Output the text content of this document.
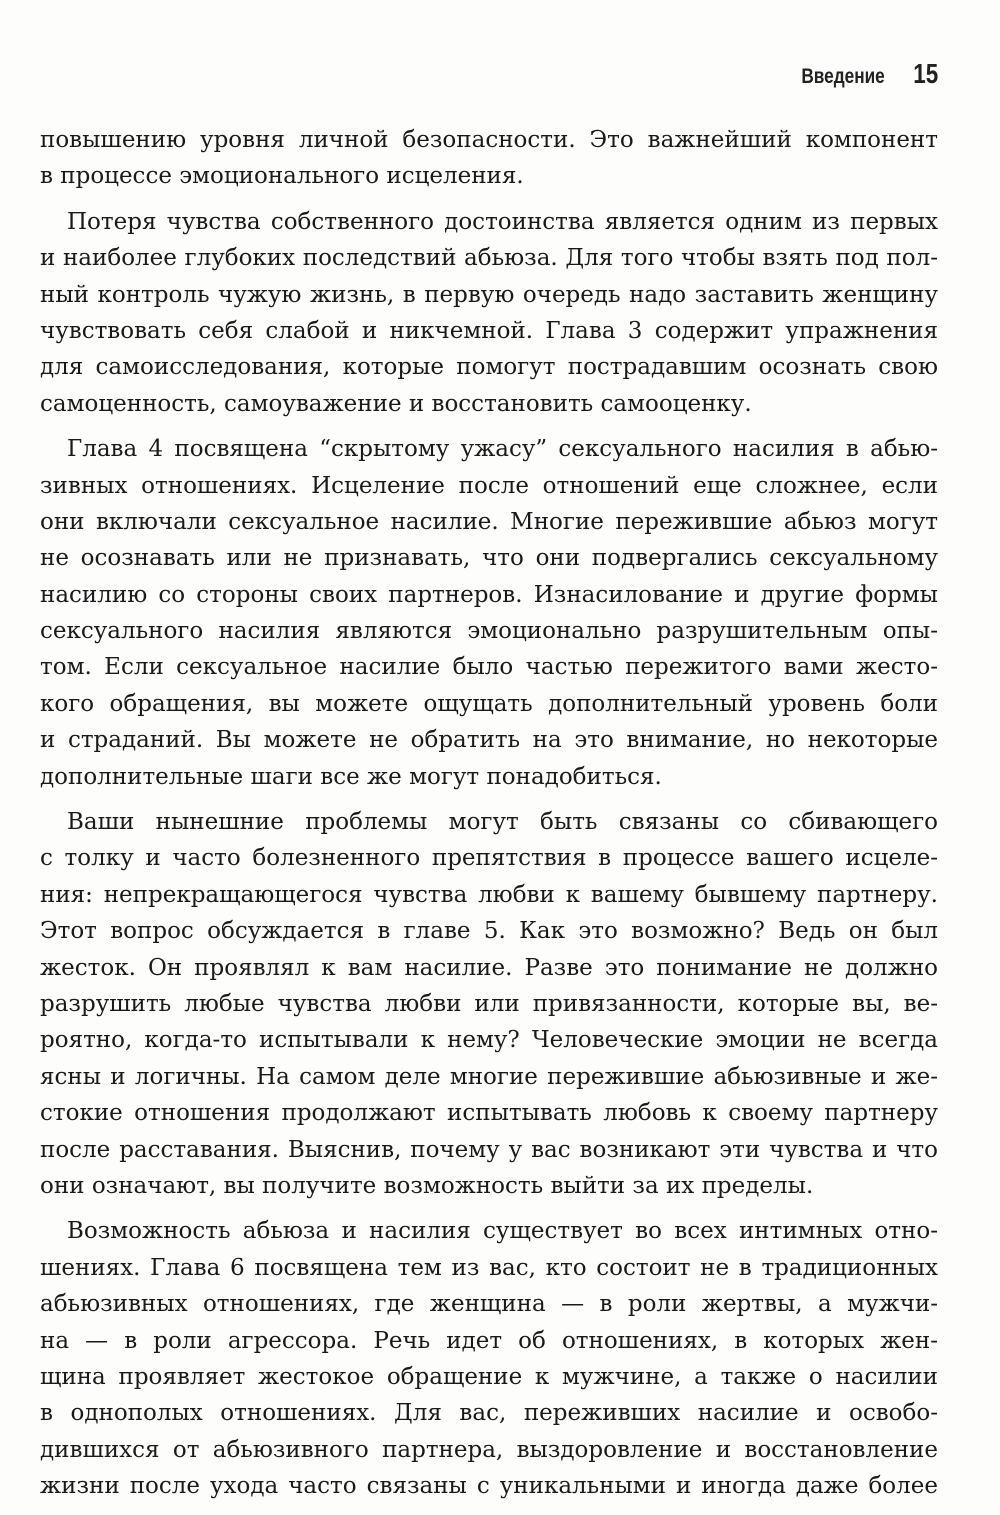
Введение 15
повышению уровня личной безопасности. Это важнейший компонент
в процессе эмоционального исцеления.
Потеря чувства собственного достоинства является одним из первых
и наиболее глубоких последствий абьюза. Для того чтобы взять под пол-
ный контроль чужую жизнь, в первую очередь надо заставить женщину
чувствовать себя слабой и никчемной. Глава 3 содержит упражнения
для самоисследования, которые помогут пострадавшим осознать свою
самоценность, самоуважение и восстановить самооценку.
Глава 4 посвящена “скрытому ужасу” сексуального насилия в абью-
зивных отношениях. Исцеление после отношений еще сложнее, если
они включали сексуальное насилие. Многие пережившие абьюз могут
не осознавать или не признавать, что они подвергались сексуальному
насилию со стороны своих партнеров. Изнасилование и другие формы
сексуального насилия являются эмоционально разрушительным опы-
том. Если сексуальное насилие было частью пережитого вами жесто-
кого обращения, вы можете ощущать дополнительный уровень боли
и страданий. Вы можете не обратить на это внимание, но некоторые
дополнительные шаги все же могут понадобиться.
Ваши нынешние проблемы могут быть связаны со сбивающего
с толку и часто болезненного препятствия в процессе вашего исцеле-
ния: непрекращающегося чувства любви к вашему бывшему партнеру.
Этот вопрос обсуждается в главе 5. Как это возможно? Ведь он был
жесток. Он проявлял к вам насилие. Разве это понимание не должно
разрушить любые чувства любви или привязанности, которые вы, ве-
роятно, когда-то испытывали к нему? Человеческие эмоции не всегда
ясны и логичны. На самом деле многие пережившие абьюзивные и же-
стокие отношения продолжают испытывать любовь к своему партнеру
после расставания. Выяснив, почему у вас возникают эти чувства и что
они означают, вы получите возможность выйти за их пределы.
Возможность абьюза и насилия существует во всех интимных отно-
шениях. Глава 6 посвящена тем из вас, кто состоит не в традиционных
абьюзивных отношениях, где женщина — в роли жертвы, а мужчи-
на — в роли агрессора. Речь идет об отношениях, в которых жен-
щина проявляет жестокое обращение к мужчине, а также о насилии
в однополых отношениях. Для вас, переживших насилие и освобо-
дившихся от абьюзивного партнера, выздоровление и восстановление
жизни после ухода часто связаны с уникальными и иногда даже более
